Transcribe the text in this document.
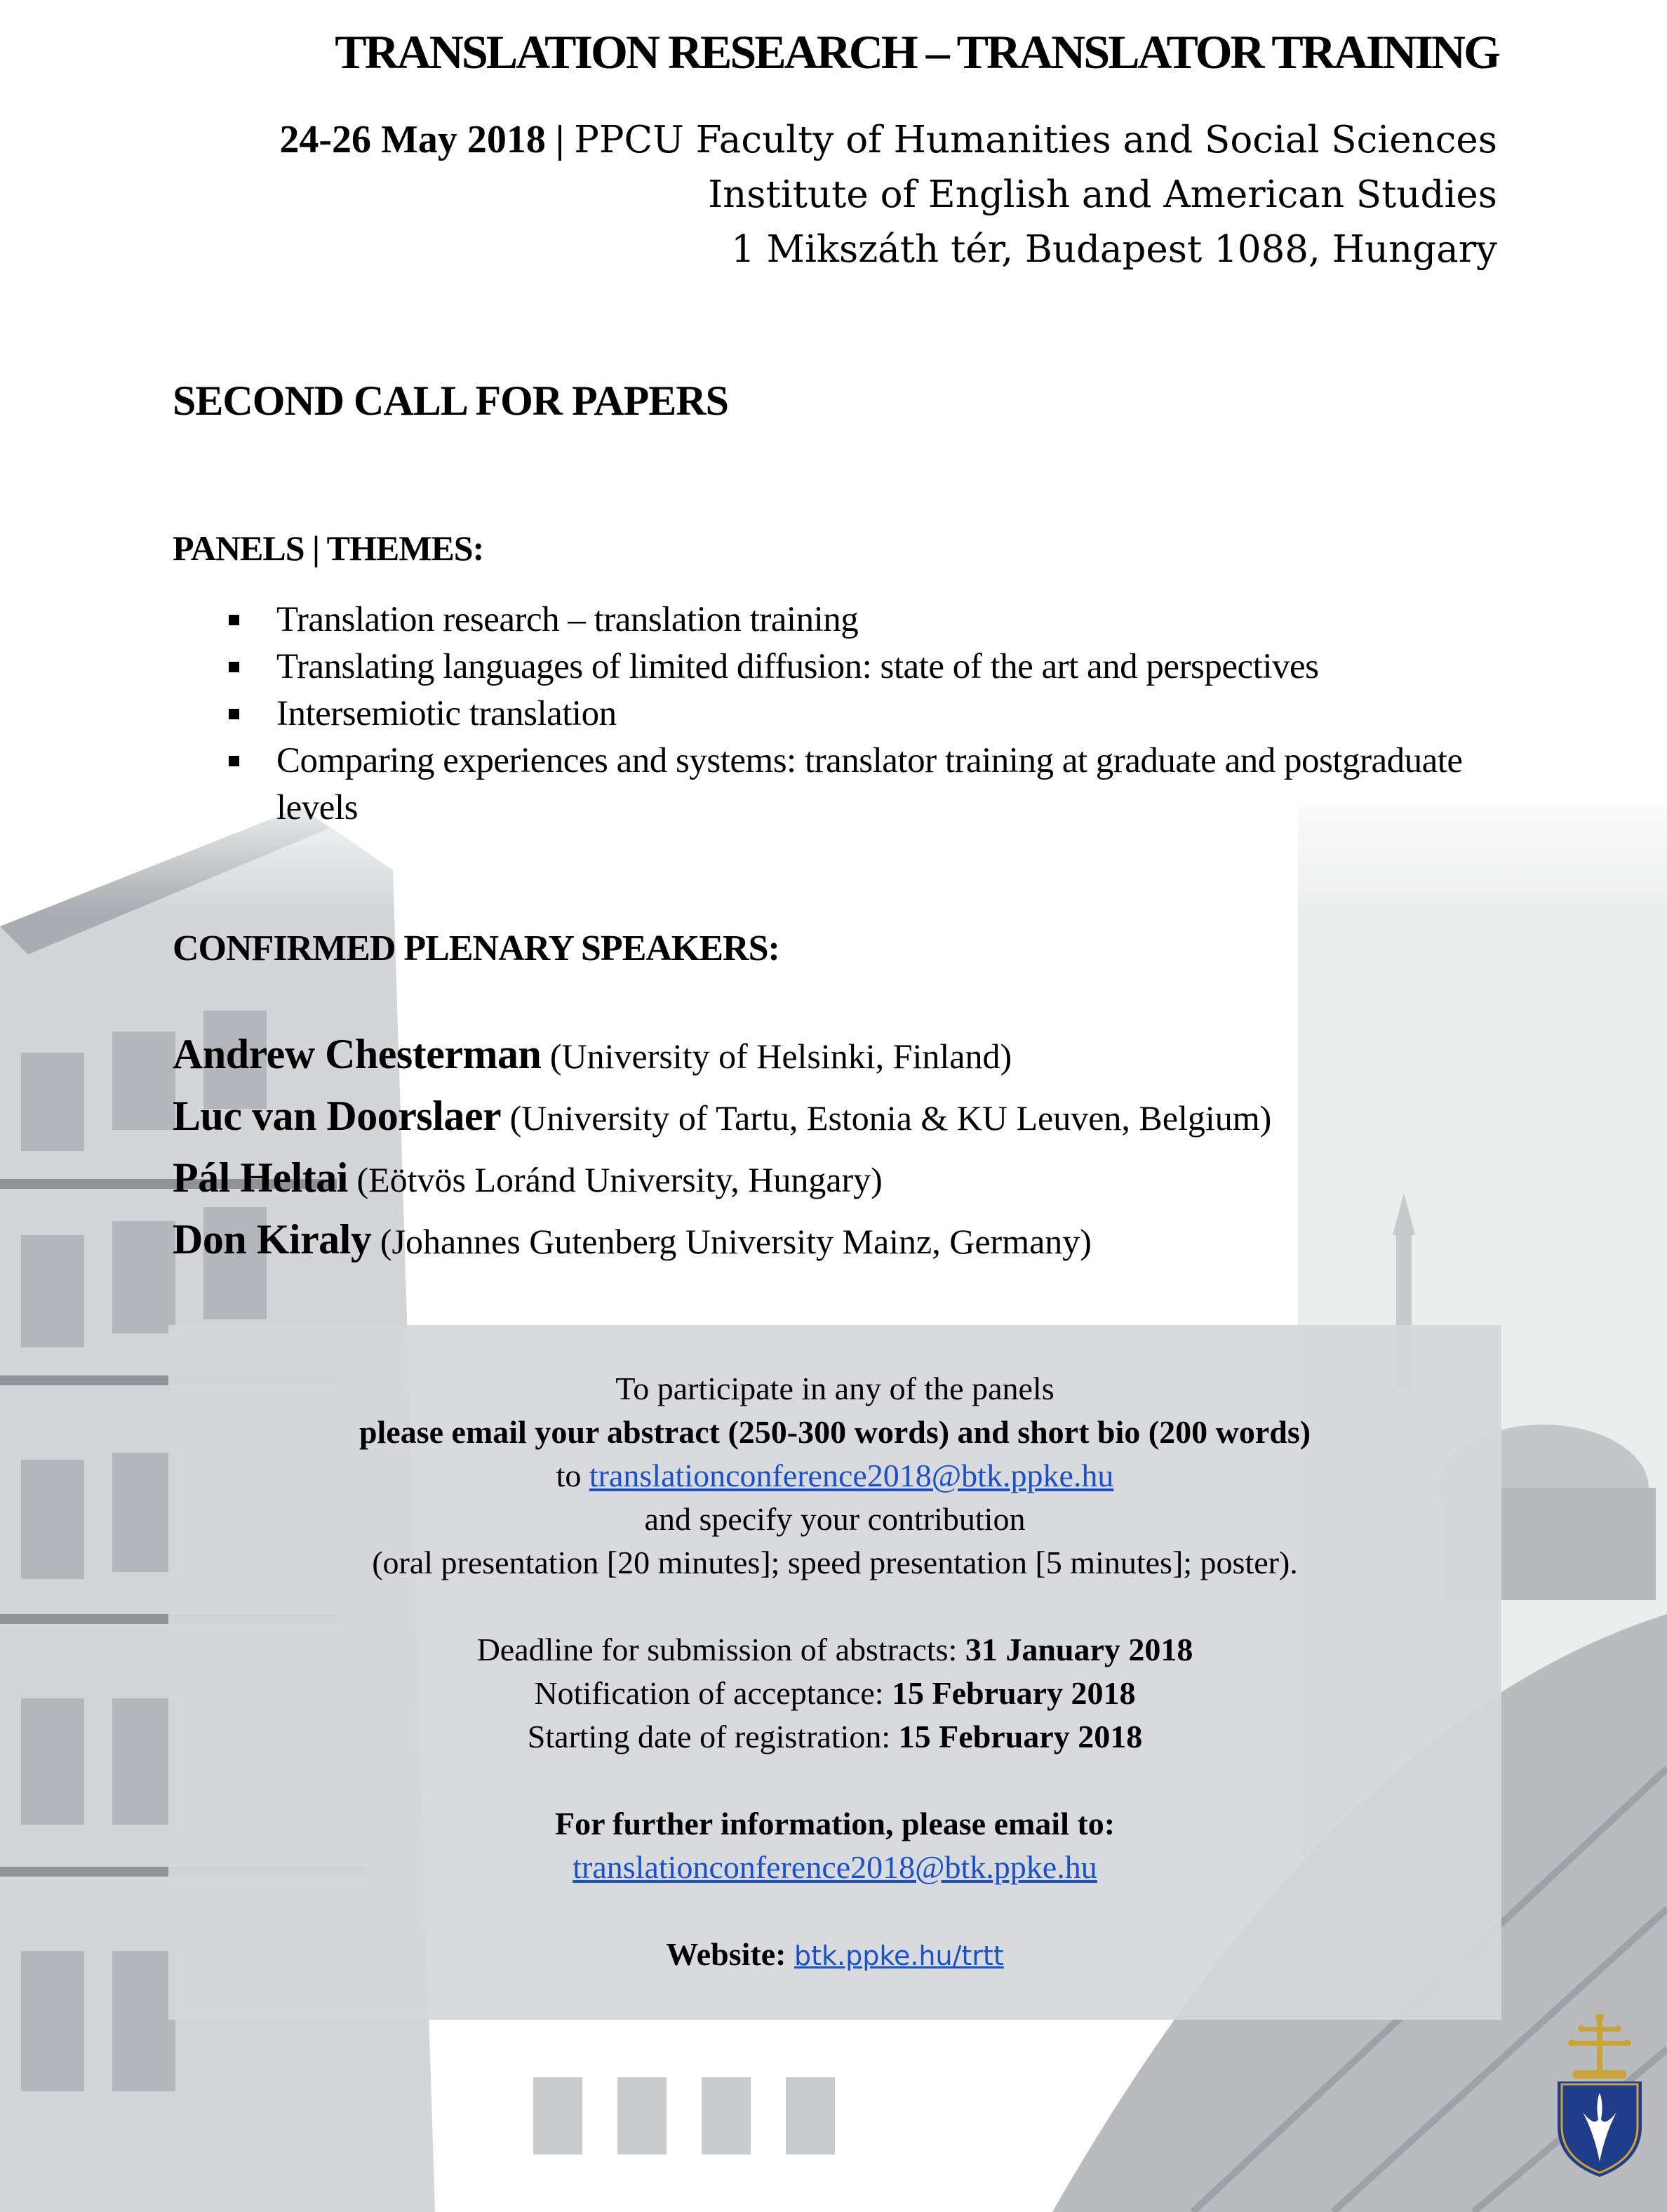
TRANSLATION RESEARCH – TRANSLATOR TRAINING
24-26 May 2018 | PPCU Faculty of Humanities and Social Sciences
Institute of English and American Studies
1 Mikszáth tér, Budapest 1088, Hungary
SECOND CALL FOR PAPERS
PANELS | THEMES:
Translation research – translation training
Translating languages of limited diffusion: state of the art and perspectives
Intersemiotic translation
Comparing experiences and systems: translator training at graduate and postgraduate levels
CONFIRMED PLENARY SPEAKERS:
Andrew Chesterman (University of Helsinki, Finland)
Luc van Doorslaer (University of Tartu, Estonia & KU Leuven, Belgium)
Pál Heltai (Eötvös Loránd University, Hungary)
Don Kiraly (Johannes Gutenberg University Mainz, Germany)
To participate in any of the panels
please email your abstract (250-300 words) and short bio (200 words)
to translationconference2018@btk.ppke.hu
and specify your contribution
(oral presentation [20 minutes]; speed presentation [5 minutes]; poster).
Deadline for submission of abstracts: 31 January 2018
Notification of acceptance: 15 February 2018
Starting date of registration: 15 February 2018
For further information, please email to:
translationconference2018@btk.ppke.hu
Website: btk.ppke.hu/trtt
